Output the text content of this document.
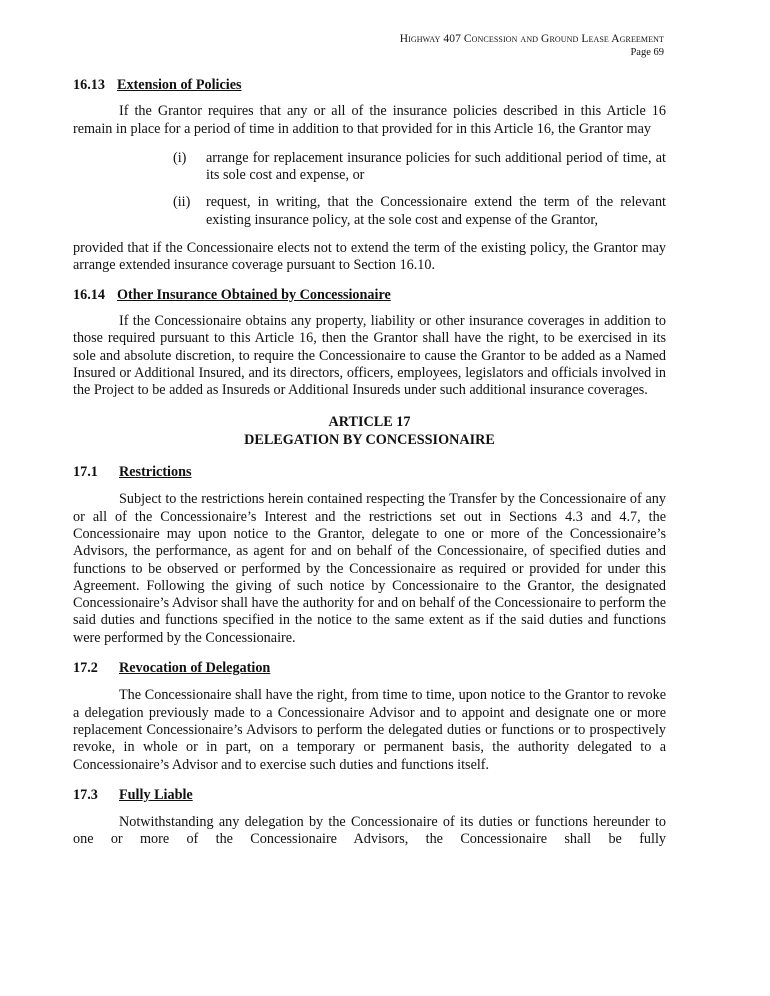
Highway 407 Concession and Ground Lease Agreement
Page 69
16.13 Extension of Policies

If the Grantor requires that any or all of the insurance policies described in this Article 16 remain in place for a period of time in addition to that provided for in this Article 16, the Grantor may

(i) arrange for replacement insurance policies for such additional period of time, at its sole cost and expense, or
(ii) request, in writing, that the Concessionaire extend the term of the relevant existing insurance policy, at the sole cost and expense of the Grantor,

provided that if the Concessionaire elects not to extend the term of the existing policy, the Grantor may arrange extended insurance coverage pursuant to Section 16.10.

16.14 Other Insurance Obtained by Concessionaire

If the Concessionaire obtains any property, liability or other insurance coverages in addition to those required pursuant to this Article 16, then the Grantor shall have the right, to be exercised in its sole and absolute discretion, to require the Concessionaire to cause the Grantor to be added as a Named Insured or Additional Insured, and its directors, officers, employees, legislators and officials involved in the Project to be added as Insureds or Additional Insureds under such additional insurance coverages.

ARTICLE 17
DELEGATION BY CONCESSIONAIRE
17.1 Restrictions

Subject to the restrictions herein contained respecting the Transfer by the Concessionaire of any or all of the Concessionaire’s Interest and the restrictions set out in Sections 4.3 and 4.7, the Concessionaire may upon notice to the Grantor, delegate to one or more of the Concessionaire’s Advisors, the performance, as agent for and on behalf of the Concessionaire, of specified duties and functions to be observed or performed by the Concessionaire as required or provided for under this Agreement. Following the giving of such notice by Concessionaire to the Grantor, the designated Concessionaire’s Advisor shall have the authority for and on behalf of the Concessionaire to perform the said duties and functions specified in the notice to the same extent as if the said duties and functions were performed by the Concessionaire.

17.2 Revocation of Delegation

The Concessionaire shall have the right, from time to time, upon notice to the Grantor to revoke a delegation previously made to a Concessionaire Advisor and to appoint and designate one or more replacement Concessionaire’s Advisors to perform the delegated duties or functions or to prospectively revoke, in whole or in part, on a temporary or permanent basis, the authority delegated to a Concessionaire’s Advisor and to exercise such duties and functions itself.

17.3 Fully Liable

Notwithstanding any delegation by the Concessionaire of its duties or functions hereunder to one or more of the Concessionaire Advisors, the Concessionaire shall be fully
